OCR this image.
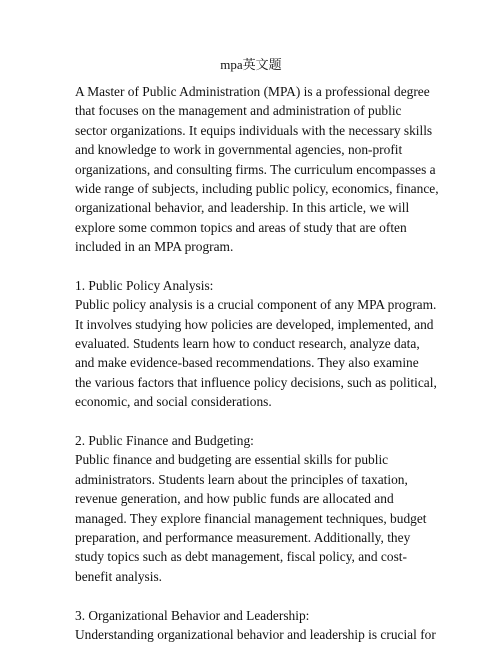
mpa英文题
A Master of Public Administration (MPA) is a professional degree
that focuses on the management and administration of public
sector organizations. It equips individuals with the necessary skills
and knowledge to work in governmental agencies, non-profit
organizations, and consulting firms. The curriculum encompasses a
wide range of subjects, including public policy, economics, finance,
organizational behavior, and leadership. In this article, we will
explore some common topics and areas of study that are often
included in an MPA program.
1. Public Policy Analysis:
Public policy analysis is a crucial component of any MPA program.
It involves studying how policies are developed, implemented, and
evaluated. Students learn how to conduct research, analyze data,
and make evidence-based recommendations. They also examine
the various factors that influence policy decisions, such as political,
economic, and social considerations.
2. Public Finance and Budgeting:
Public finance and budgeting are essential skills for public
administrators. Students learn about the principles of taxation,
revenue generation, and how public funds are allocated and
managed. They explore financial management techniques, budget
preparation, and performance measurement. Additionally, they
study topics such as debt management, fiscal policy, and cost-
benefit analysis.
3. Organizational Behavior and Leadership:
Understanding organizational behavior and leadership is crucial for
